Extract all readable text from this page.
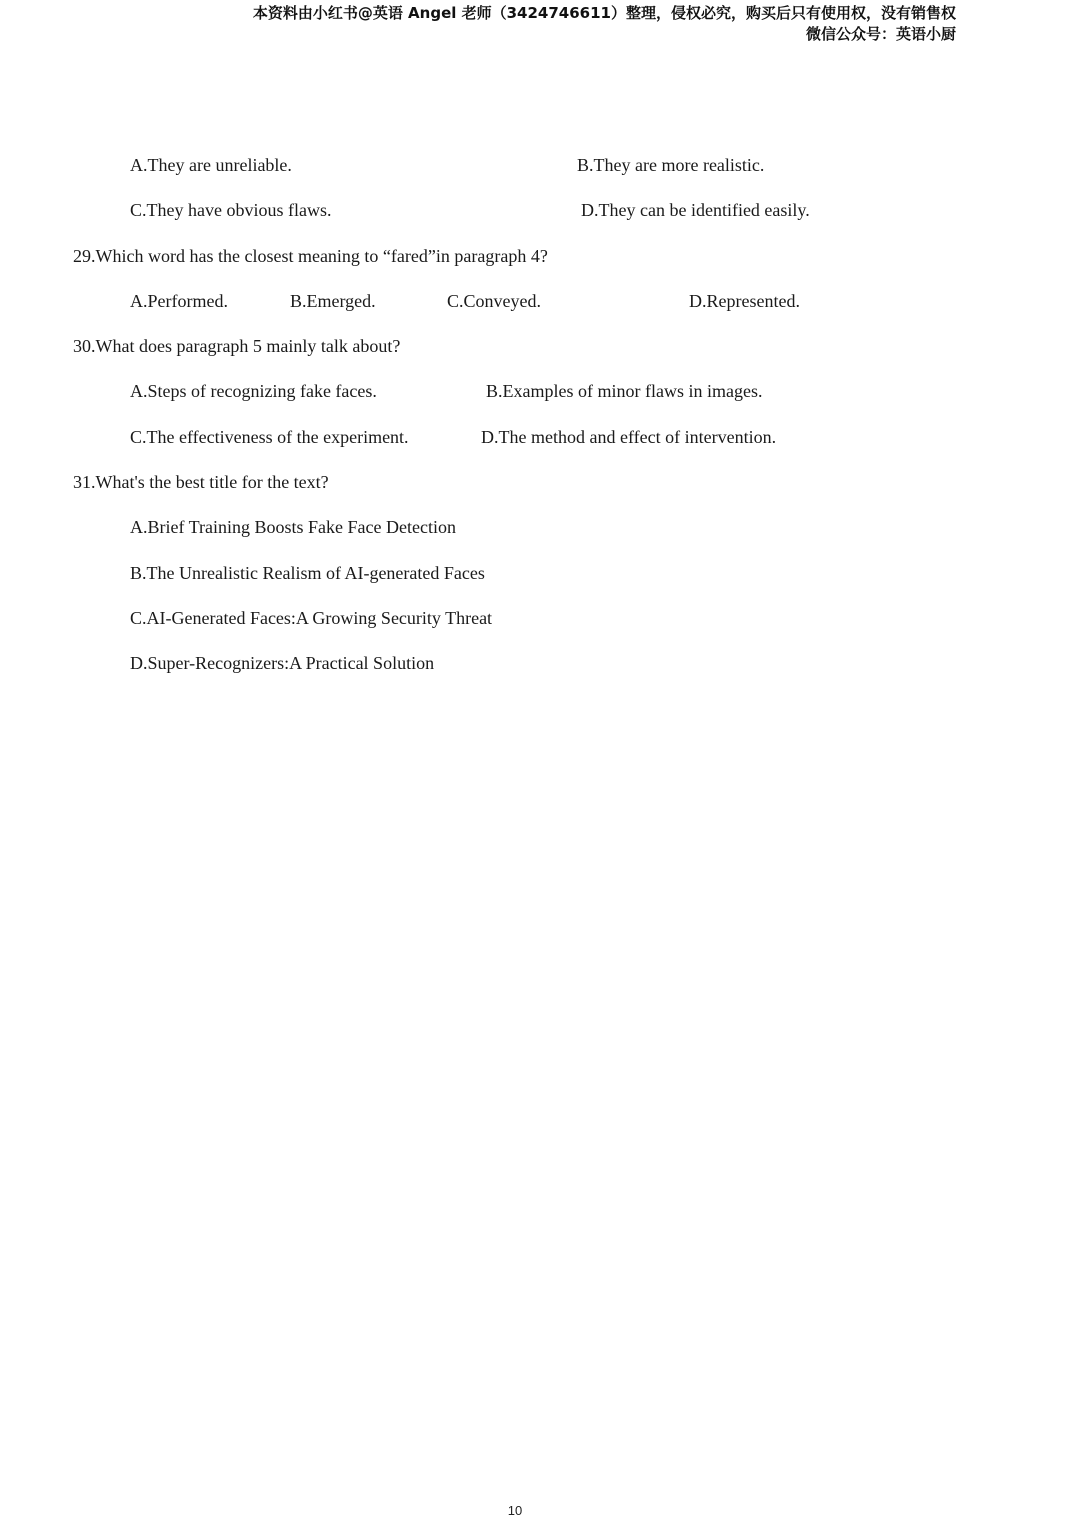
本资料由小红书@英语 Angel 老师（3424746611）整理，侵权必究，购买后只有使用权，没有销售权
微信公众号：英语小厨
A.They are unreliable.	B.They are more realistic.
C.They have obvious flaws.	D.They can be identified easily.
29.Which word has the closest meaning to “fared”in paragraph 4?
A.Performed.	B.Emerged.	C.Conveyed.	D.Represented.
30.What does paragraph 5 mainly talk about?
A.Steps of recognizing fake faces.	B.Examples of minor flaws in images.
C.The effectiveness of the experiment.	D.The method and effect of intervention.
31.What's the best title for the text?
A.Brief Training Boosts Fake Face Detection
B.The Unrealistic Realism of AI-generated Faces
C.AI-Generated Faces:A Growing Security Threat
D.Super-Recognizers:A Practical Solution
10
